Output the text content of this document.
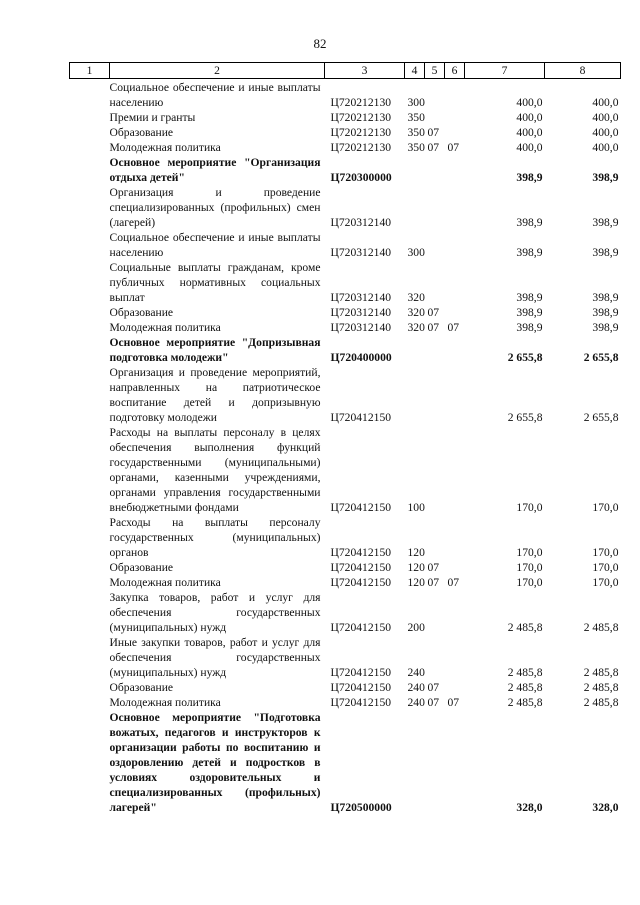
82
1	2	3	4	5	6	7	8
	Социальное обеспечение и иные выплаты населению	Ц720212130	300			400,0	400,0
	Премии и гранты	Ц720212130	350			400,0	400,0
	Образование	Ц720212130	350	07		400,0	400,0
	Молодежная политика	Ц720212130	350	07	07	400,0	400,0
	Основное мероприятие "Организация отдыха детей"	Ц720300000				398,9	398,9
	Организация и проведение специализированных (профильных) смен (лагерей)	Ц720312140				398,9	398,9
	Социальное обеспечение и иные выплаты населению	Ц720312140	300			398,9	398,9
	Социальные выплаты гражданам, кроме публичных нормативных социальных выплат	Ц720312140	320			398,9	398,9
	Образование	Ц720312140	320	07		398,9	398,9
	Молодежная политика	Ц720312140	320	07	07	398,9	398,9
	Основное мероприятие "Допризывная подготовка молодежи"	Ц720400000				2 655,8	2 655,8
	Организация и проведение мероприятий, направленных на патриотическое воспитание детей и допризывную подготовку молодежи	Ц720412150				2 655,8	2 655,8
	Расходы на выплаты персоналу в целях обеспечения выполнения функций государственными (муниципальными) органами, казенными учреждениями, органами управления государственными внебюджетными фондами	Ц720412150	100			170,0	170,0
	Расходы на выплаты персоналу государственных (муниципальных) органов	Ц720412150	120			170,0	170,0
	Образование	Ц720412150	120	07		170,0	170,0
	Молодежная политика	Ц720412150	120	07	07	170,0	170,0
	Закупка товаров, работ и услуг для обеспечения государственных (муниципальных) нужд	Ц720412150	200			2 485,8	2 485,8
	Иные закупки товаров, работ и услуг для обеспечения государственных (муниципальных) нужд	Ц720412150	240			2 485,8	2 485,8
	Образование	Ц720412150	240	07		2 485,8	2 485,8
	Молодежная политика	Ц720412150	240	07	07	2 485,8	2 485,8
	Основное мероприятие "Подготовка вожатых, педагогов и инструкторов к организации работы по воспитанию и оздоровлению детей и подростков в условиях оздоровительных и специализированных (профильных) лагерей"	Ц720500000				328,0	328,0
